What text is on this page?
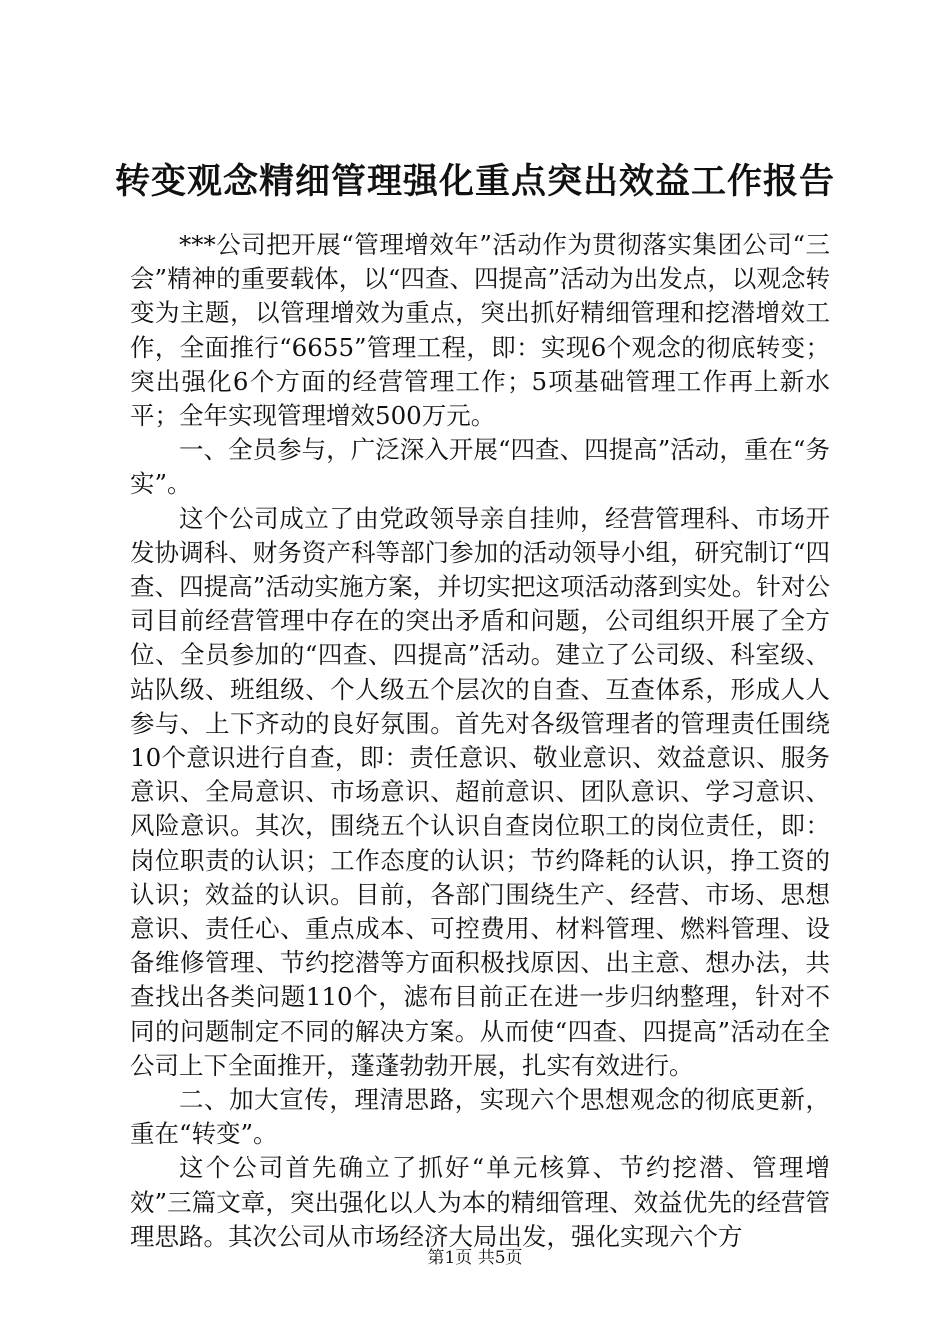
转变观念精细管理强化重点突出效益工作报告

***公司把开展“管理增效年”活动作为贯彻落实集团公司“三会”精神的重要载体，以“四查、四提高”活动为出发点，以观念转变为主题，以管理增效为重点，突出抓好精细管理和挖潜增效工作，全面推行“6655”管理工程，即：实现6个观念的彻底转变；突出强化6个方面的经营管理工作；5项基础管理工作再上新水平；全年实现管理增效500万元。

一、全员参与，广泛深入开展“四查、四提高”活动，重在“务实”。

这个公司成立了由党政领导亲自挂帅，经营管理科、市场开发协调科、财务资产科等部门参加的活动领导小组，研究制订“四查、四提高”活动实施方案，并切实把这项活动落到实处。针对公司目前经营管理中存在的突出矛盾和问题，公司组织开展了全方位、全员参加的“四查、四提高”活动。建立了公司级、科室级、站队级、班组级、个人级五个层次的自查、互查体系，形成人人参与、上下齐动的良好氛围。首先对各级管理者的管理责任围绕10个意识进行自查，即：责任意识、敬业意识、效益意识、服务意识、全局意识、市场意识、超前意识、团队意识、学习意识、风险意识。其次，围绕五个认识自查岗位职工的岗位责任，即：岗位职责的认识；工作态度的认识；节约降耗的认识，挣工资的认识；效益的认识。目前，各部门围绕生产、经营、市场、思想意识、责任心、重点成本、可控费用、材料管理、燃料管理、设备维修管理、节约挖潜等方面积极找原因、出主意、想办法，共查找出各类问题110个，滤布目前正在进一步归纳整理，针对不同的问题制定不同的解决方案。从而使“四查、四提高”活动在全公司上下全面推开，蓬蓬勃勃开展，扎实有效进行。

二、加大宣传，理清思路，实现六个思想观念的彻底更新，重在“转变”。

这个公司首先确立了抓好“单元核算、节约挖潜、管理增效”三篇文章，突出强化以人为本的精细管理、效益优先的经营管理思路。其次公司从市场经济大局出发，强化实现六个方

第1页 共5页
